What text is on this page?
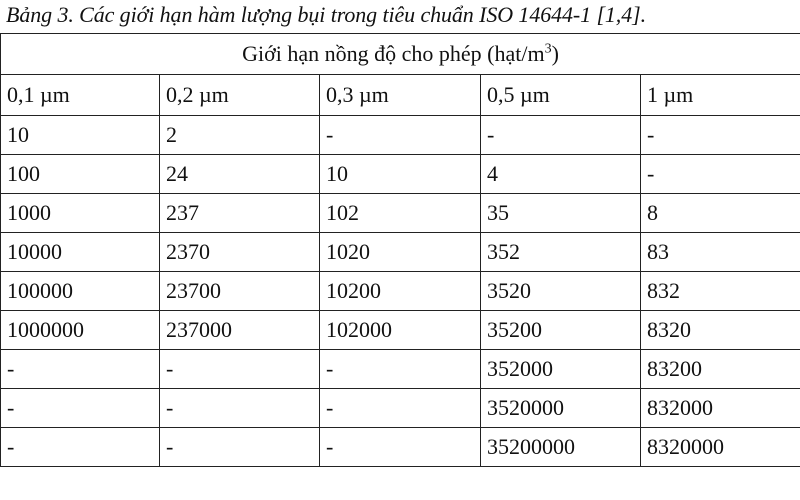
Bảng 3. Các giới hạn hàm lượng bụi trong tiêu chuẩn ISO 14644-1 [1,4].
Giới hạn nồng độ cho phép $(hạt/m^3)$				
0,1 µm	0,2 µm	0,3 µm	0,5 µm	1 µm
10	2	-	-	-
100	24	10	4	-
1000	237	102	35	8
10000	2370	1020	352	83
100000	23700	10200	3520	832
1000000	237000	102000	35200	8320
-	-	-	352000	83200
-	-	-	3520000	832000
-	-	-	35200000	8320000
